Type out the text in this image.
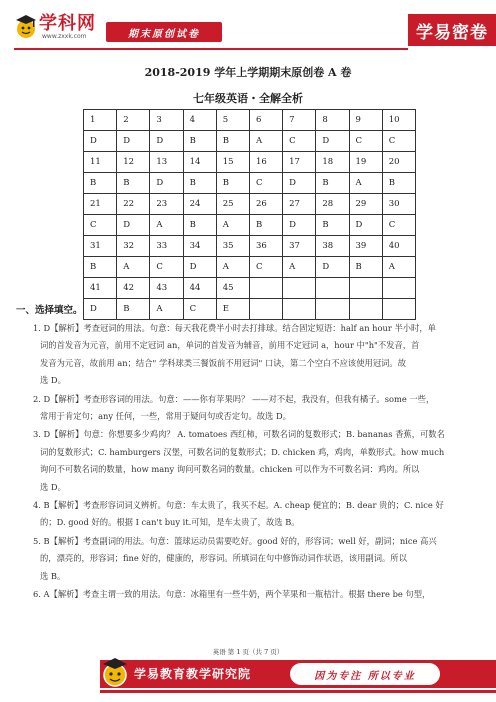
学科网
www.zxxk.com	期末原创试卷	学易密卷
2018-2019 学年上学期期末原创卷 A 卷
七年级英语・全解全析
1	2	3	4	5	6	7	8	9	10
D	D	D	B	B	A	C	D	C	C
11	12	13	14	15	16	17	18	19	20
B	B	D	B	B	C	D	B	A	B
21	22	23	24	25	26	27	28	29	30
C	D	A	B	A	B	D	B	D	C
31	32	33	34	35	36	37	38	39	40
B	A	C	D	A	C	A	D	B	A
41	42	43	44	45					
D	B	A	C	E					
一、选择填空。
1. D【解析】考查冠词的用法。句意：每天我花费半小时去打排球。结合固定短语：half an hour 半小时，单
词的首发音为元音，前用不定冠词 an，单词的首发音为辅音，前用不定冠词 a，hour 中"h"不发音，首
发音为元音，故前用 an；结合" 学科球类三餐饭前不用冠词" 口诀，第二个空白不应该使用冠词。故
选 D。
2. D【解析】考查形容词的用法。句意：——你有苹果吗？ ——对不起，我没有，但我有橘子。some 一些，
常用于肯定句；any 任何，一些，常用于疑问句或否定句。故选 D。
3. D【解析】句意：你想要多少鸡肉？ A. tomatoes 西红柿，可数名词的复数形式；B. bananas 香蕉，可数名
词的复数形式；C. hamburgers 汉堡，可数名词的复数形式；D. chicken 鸡，鸡肉，单数形式。how much
询问不可数名词的数量，how many 询问可数名词的数量。chicken 可以作为不可数名词：鸡肉。所以
选 D。
4. B【解析】考查形容词词义辨析。句意：车太贵了，我买不起。A. cheap 便宜的；B. dear 贵的；C. nice 好
的；D. good 好的。根据 I can't buy it.可知，是车太贵了，故选 B。
5. B【解析】考查副词的用法。句意：篮球运动员需要吃好。good 好的，形容词；well 好，副词；nice 高兴
的，漂亮的，形容词；fine 好的，健康的，形容词。所填词在句中修饰动词作状语，该用副词。所以
选 B。
6. A【解析】考查主谓一致的用法。句意：冰箱里有一些牛奶，两个苹果和一瓶桔汁。根据 there be 句型，
英语 第 1 页（共 7 页）
学易教育教学研究院	因为专注 所以专业
